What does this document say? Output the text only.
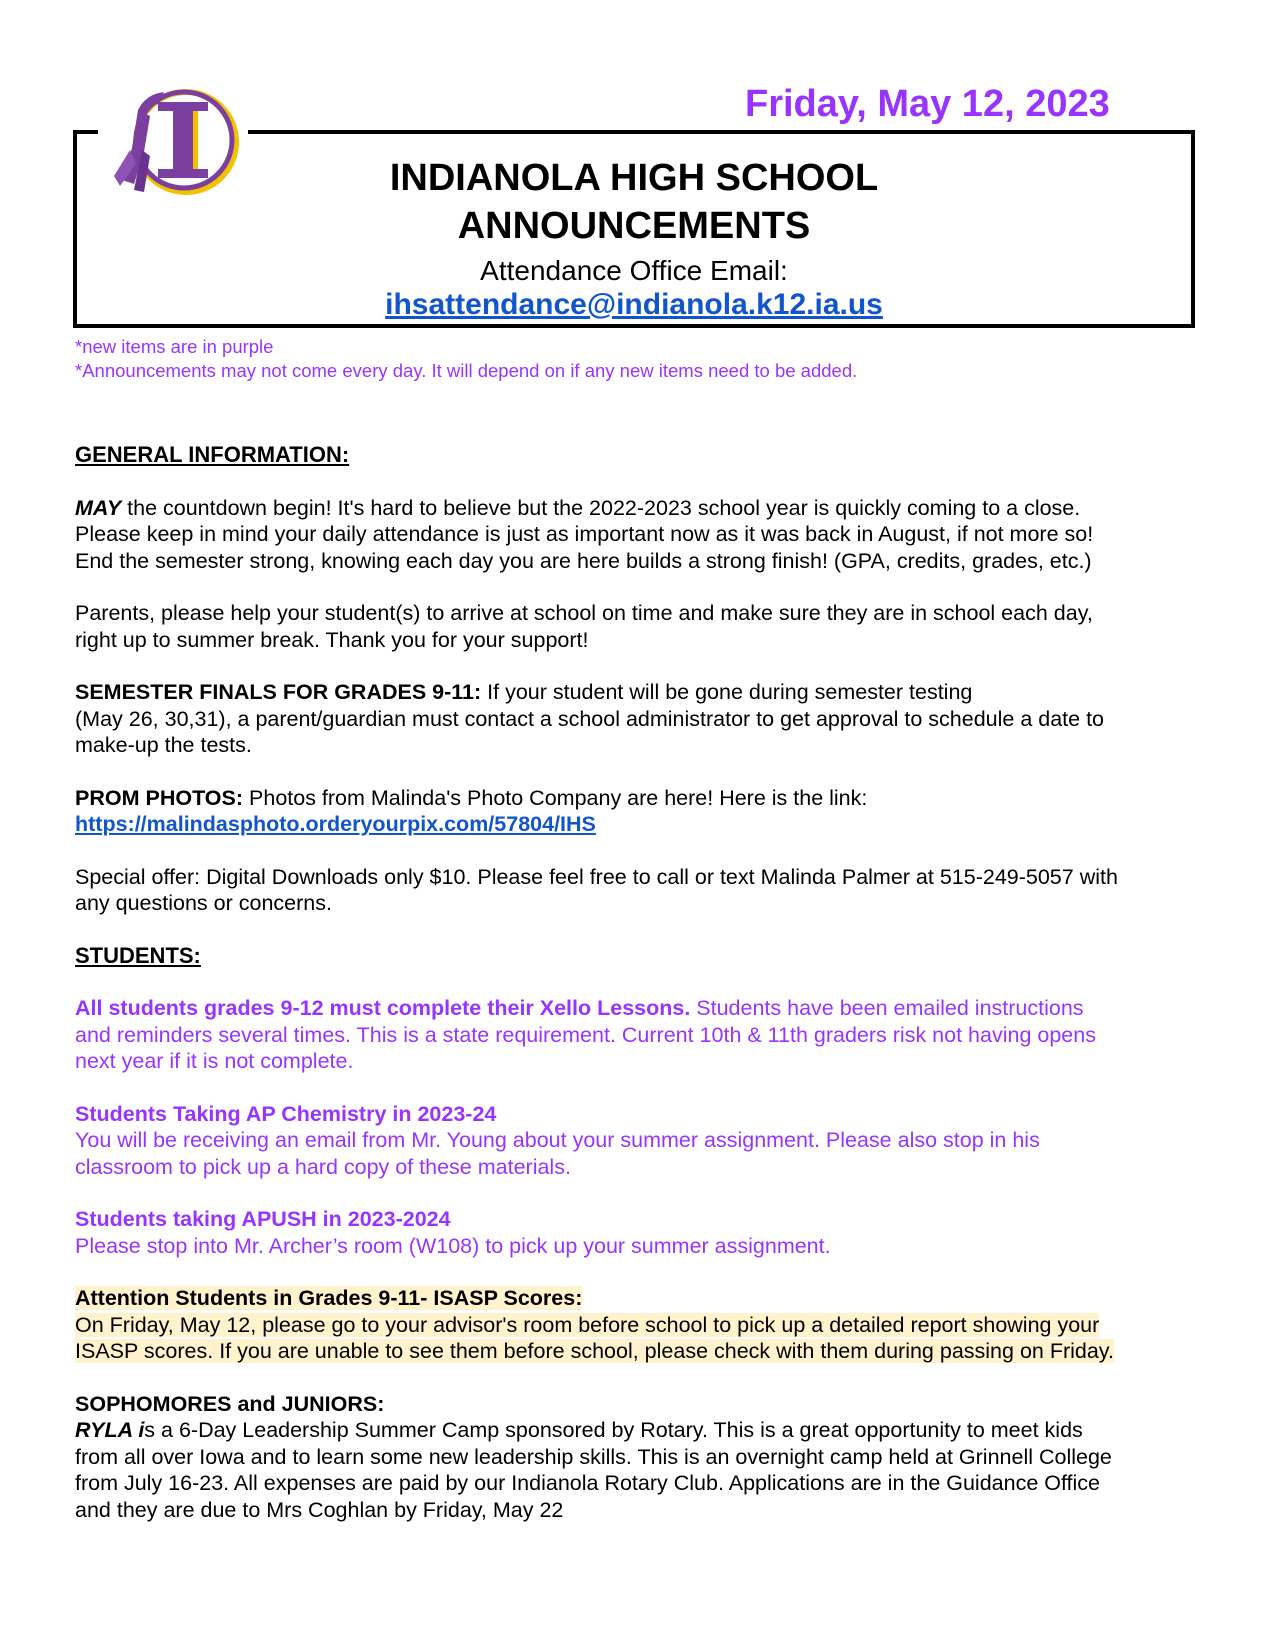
Friday, May 12, 2023
INDIANOLA HIGH SCHOOL
ANNOUNCEMENTS
Attendance Office Email:
ihsattendance@indianola.k12.ia.us

*new items are in purple

*Announcements may not come every day. It will depend on if any new items need to be added.

GENERAL INFORMATION:

MAY the countdown begin! It's hard to believe but the 2022-2023 school year is quickly coming to a close.

Please keep in mind your daily attendance is just as important now as it was back in August, if not more so!

End the semester strong, knowing each day you are here builds a strong finish! (GPA, credits, grades, etc.)

Parents, please help your student(s) to arrive at school on time and make sure they are in school each day,

right up to summer break. Thank you for your support!

SEMESTER FINALS FOR GRADES 9-11: If your student will be gone during semester testing

(May 26, 30,31), a parent/guardian must contact a school administrator to get approval to schedule a date to

make-up the tests.

PROM PHOTOS: Photos from Malinda's Photo Company are here! Here is the link:

https://malindasphoto.orderyourpix.com/57804/IHS

Special offer: Digital Downloads only $10. Please feel free to call or text Malinda Palmer at 515-249-5057 with

any questions or concerns.

STUDENTS:

All students grades 9-12 must complete their Xello Lessons. Students have been emailed instructions

and reminders several times. This is a state requirement. Current 10th & 11th graders risk not having opens

next year if it is not complete.

Students Taking AP Chemistry in 2023-24

You will be receiving an email from Mr. Young about your summer assignment. Please also stop in his

classroom to pick up a hard copy of these materials.

Students taking APUSH in 2023-2024

Please stop into Mr. Archer’s room (W108) to pick up your summer assignment.

Attention Students in Grades 9-11- ISASP Scores:

On Friday, May 12, please go to your advisor's room before school to pick up a detailed report showing your

ISASP scores. If you are unable to see them before school, please check with them during passing on Friday.

SOPHOMORES and JUNIORS:

RYLA is a 6-Day Leadership Summer Camp sponsored by Rotary. This is a great opportunity to meet kids

from all over Iowa and to learn some new leadership skills. This is an overnight camp held at Grinnell College

from July 16-23. All expenses are paid by our Indianola Rotary Club. Applications are in the Guidance Office

and they are due to Mrs Coghlan by Friday, May 22
